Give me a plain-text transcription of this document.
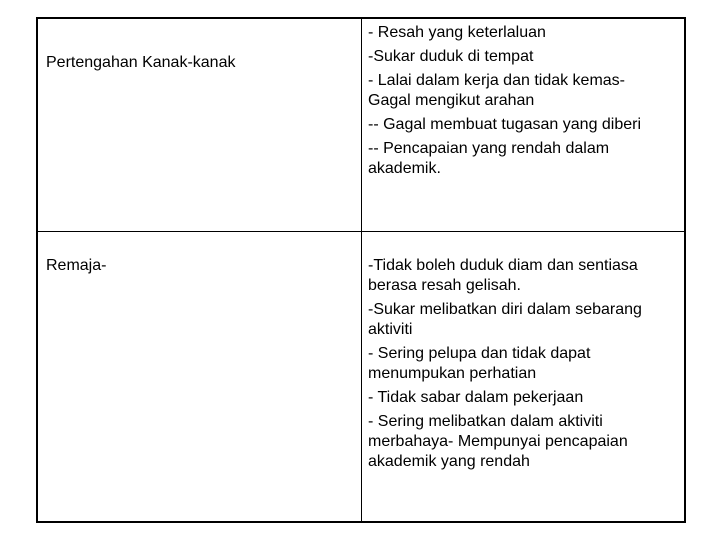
Pertengahan Kanak-kanak
- Resah yang keterlaluan
-Sukar duduk di tempat
- Lalai dalam kerja dan tidak kemas-
Gagal mengikut arahan
-- Gagal membuat tugasan yang diberi
-- Pencapaian yang rendah dalam
akademik.
Remaja-	-Tidak boleh duduk diam dan sentiasa
berasa resah gelisah.
-Sukar melibatkan diri dalam sebarang
aktiviti
- Sering pelupa dan tidak dapat
menumpukan perhatian
- Tidak sabar dalam pekerjaan
- Sering melibatkan dalam aktiviti
merbahaya- Mempunyai pencapaian
akademik yang rendah
